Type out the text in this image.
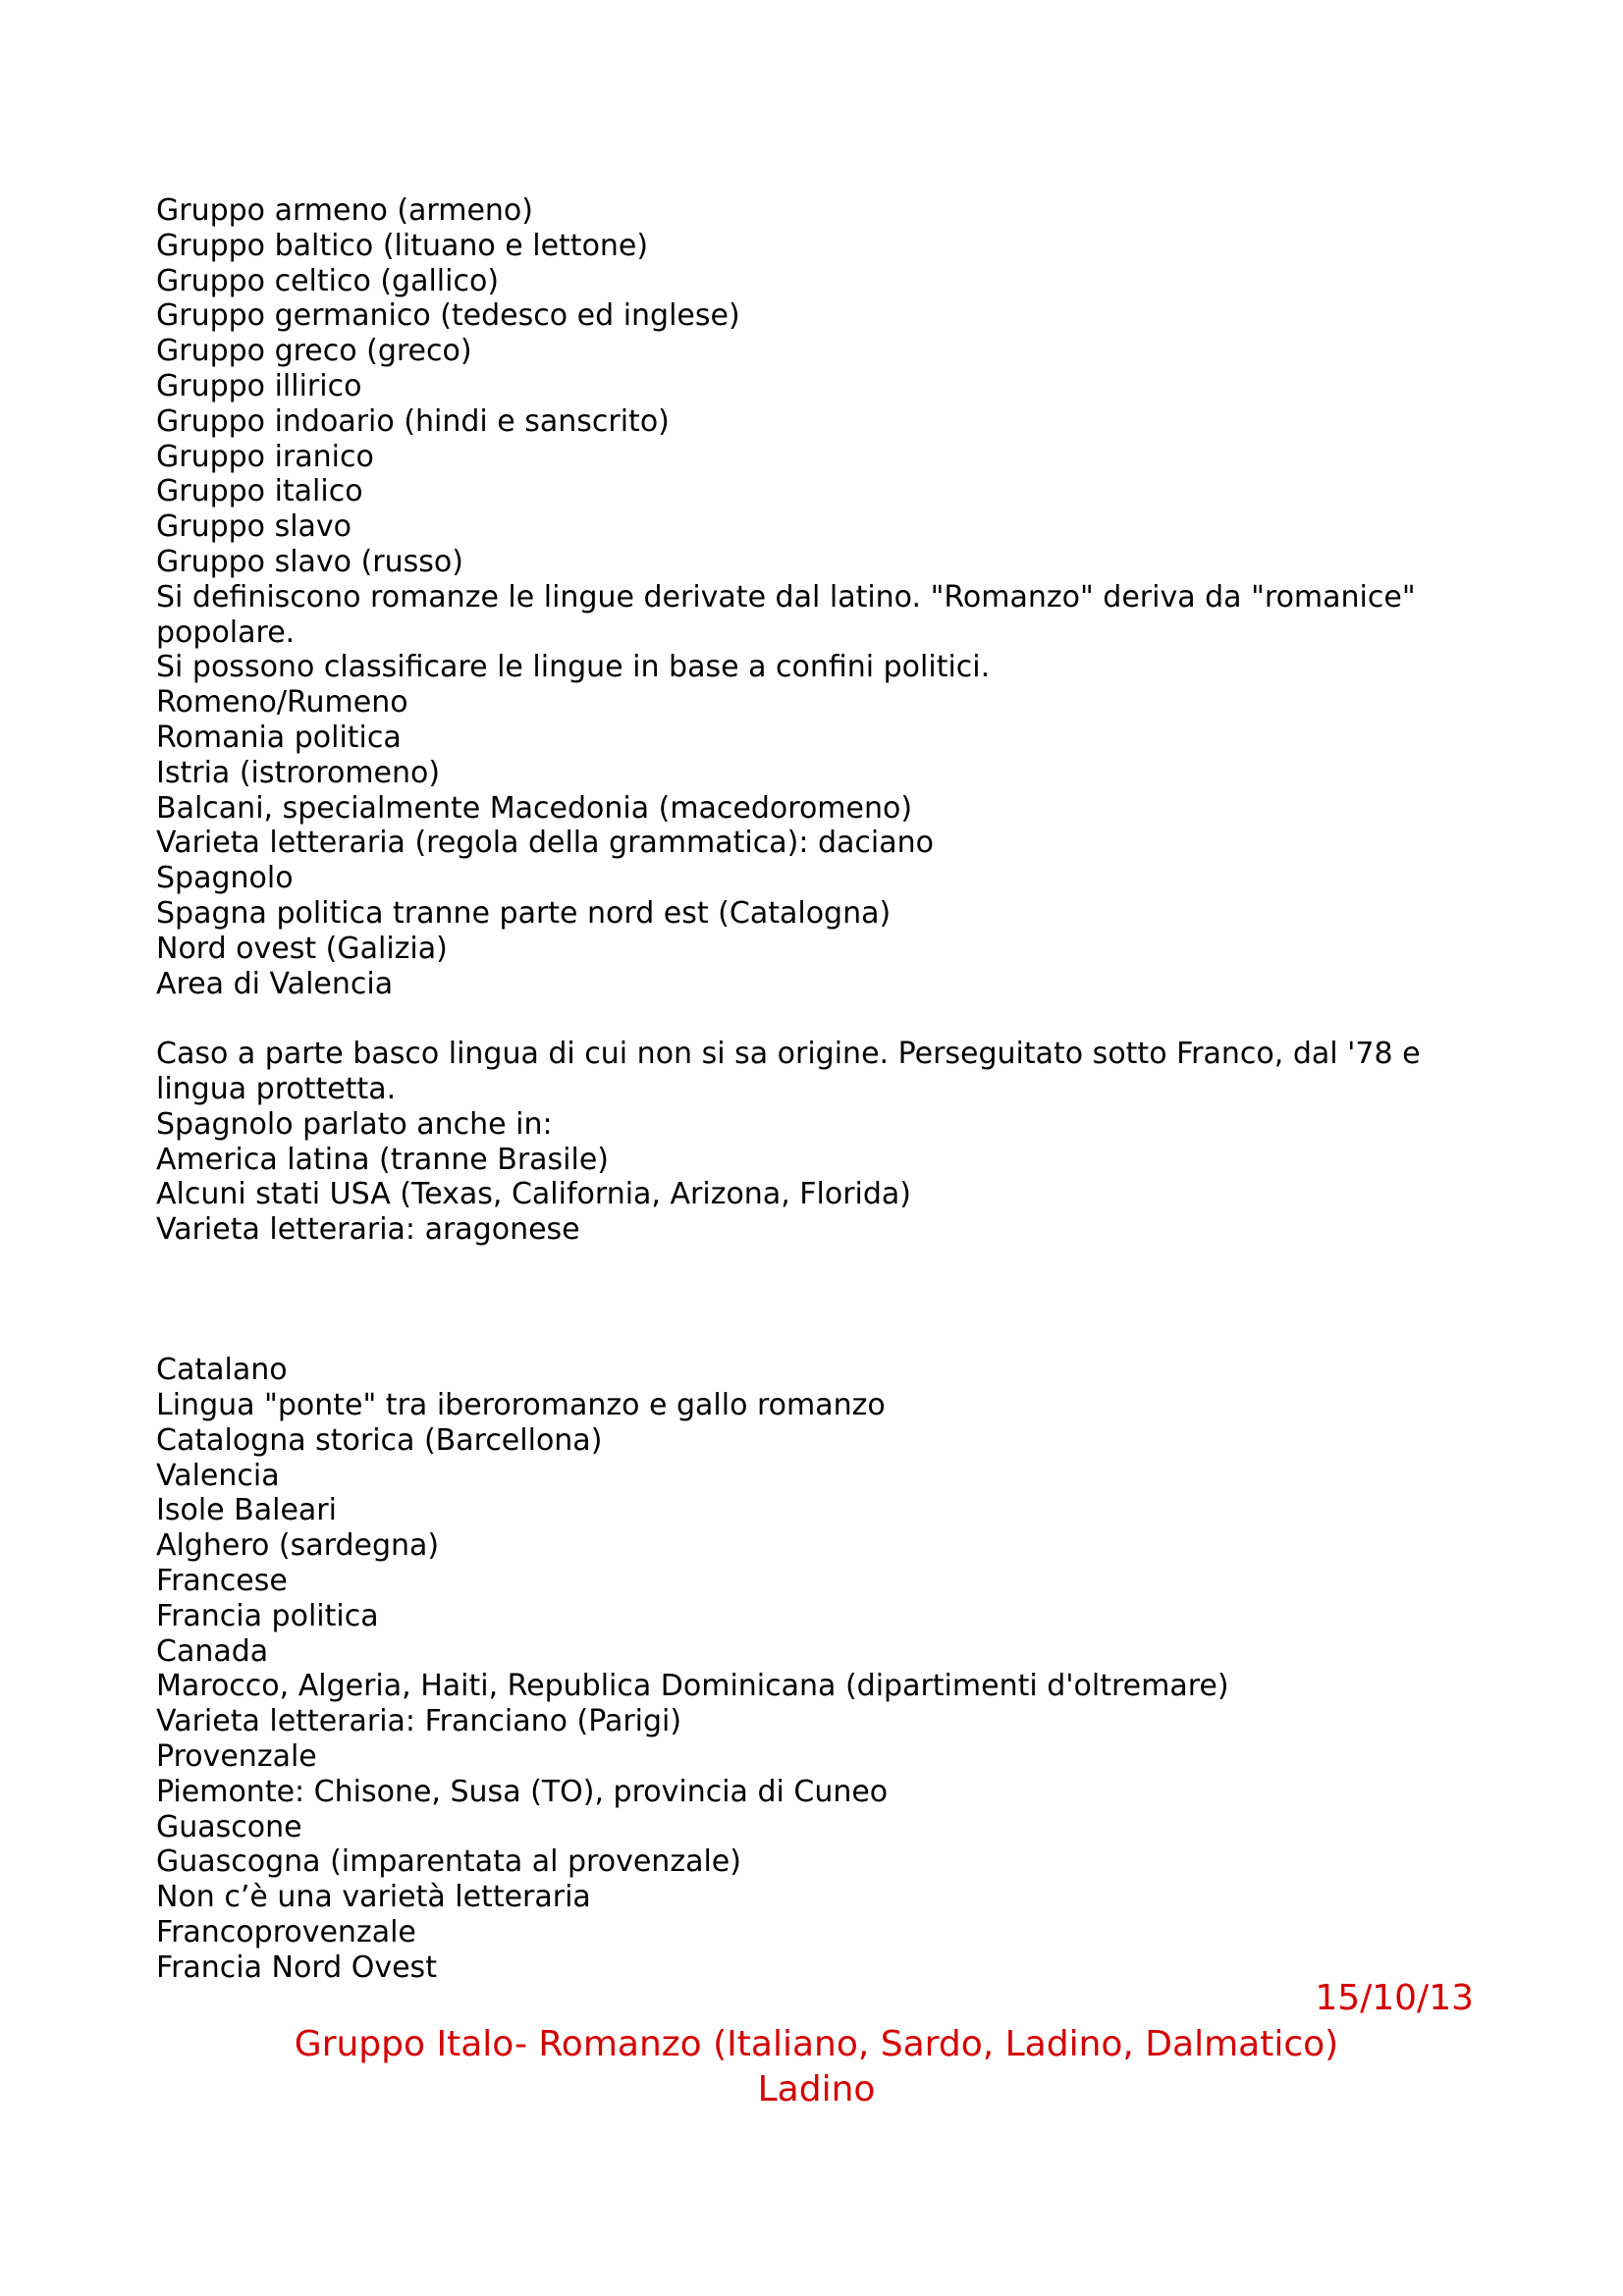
Gruppo armeno (armeno)
Gruppo baltico (lituano e lettone)
Gruppo celtico (gallico)
Gruppo germanico (tedesco ed inglese)
Gruppo greco (greco)
Gruppo illirico
Gruppo indoario (hindi e sanscrito)
Gruppo iranico
Gruppo italico
Gruppo slavo
Gruppo slavo (russo)
Si definiscono romanze le lingue derivate dal latino. "Romanzo" deriva da "romanice" popolare.
Si possono classificare le lingue in base a confini politici.
Romeno/Rumeno
Romania politica
Istria (istroromeno)
Balcani, specialmente Macedonia (macedoromeno)
Varieta letteraria (regola della grammatica): daciano
Spagnolo
Spagna politica tranne parte nord est (Catalogna)
Nord ovest (Galizia)
Area di Valencia
Caso a parte basco lingua di cui non si sa origine. Perseguitato sotto Franco, dal '78 e lingua prottetta.
Spagnolo parlato anche in:
America latina (tranne Brasile)
Alcuni stati USA (Texas, California, Arizona, Florida)
Varieta letteraria: aragonese
Catalano
Lingua "ponte" tra iberoromanzo e gallo romanzo
Catalogna storica (Barcellona)
Valencia
Isole Baleari
Alghero (sardegna)
Francese
Francia politica
Canada
Marocco, Algeria, Haiti, Republica Dominicana (dipartimenti d'oltremare)
Varieta letteraria: Franciano (Parigi)
Provenzale
Piemonte: Chisone, Susa (TO), provincia di Cuneo
Guascone
Guascogna (imparentata al provenzale)
Non c’è una varietà letteraria
Francoprovenzale
Francia Nord Ovest
15/10/13
Gruppo Italo- Romanzo (Italiano, Sardo, Ladino, Dalmatico)
Ladino
